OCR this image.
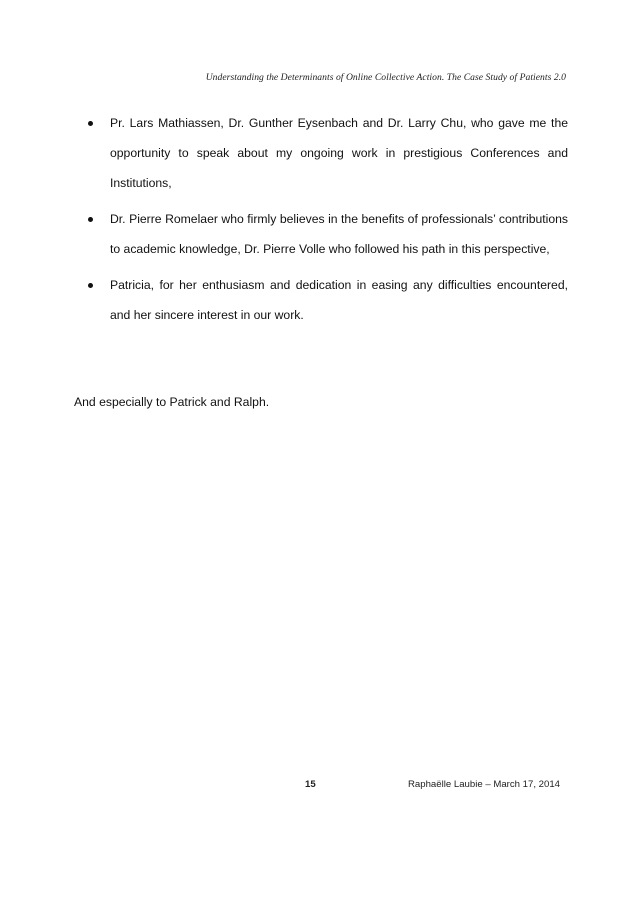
Understanding the Determinants of Online Collective Action. The Case Study of Patients 2.0
Pr. Lars Mathiassen, Dr. Gunther Eysenbach and Dr. Larry Chu, who gave me the opportunity to speak about my ongoing work in prestigious Conferences and Institutions,
Dr. Pierre Romelaer who firmly believes in the benefits of professionals’ contributions to academic knowledge, Dr. Pierre Volle who followed his path in this perspective,
Patricia, for her enthusiasm and dedication in easing any difficulties encountered, and her sincere interest in our work.

And especially to Patrick and Ralph.

15	Raphaëlle Laubie – March 17, 2014
